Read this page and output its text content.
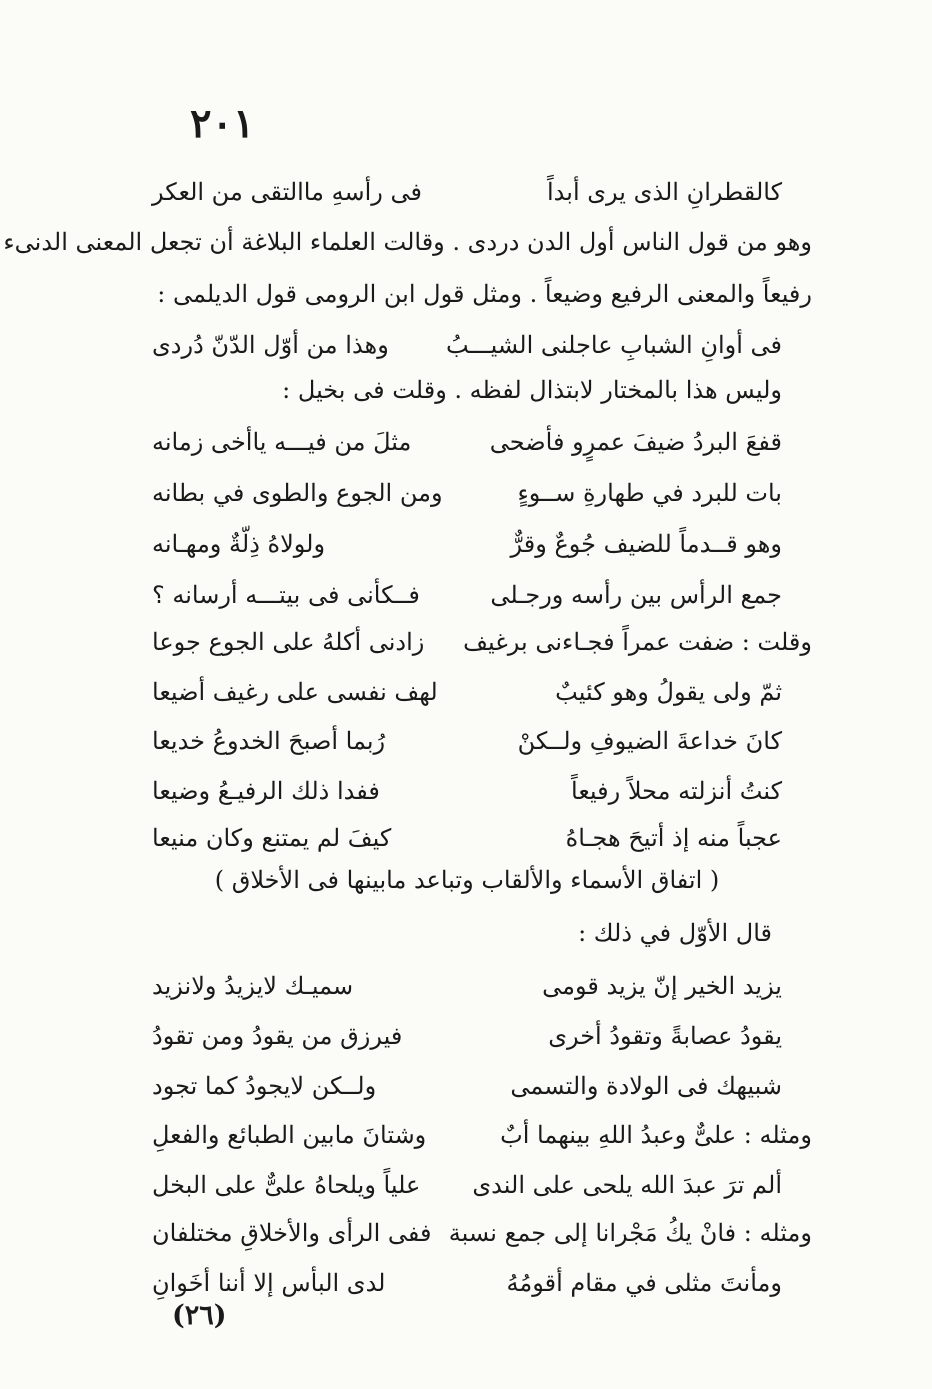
٢٠١
كالقطرانِ الذى يرى أبداً
فى رأسهِ ماالتقى من العكر
وهو من قول الناس أول الدن دردى . وقالت العلماء البلاغة أن تجعل المعنى الدنىء
رفيعاً والمعنى الرفيع وضيعاً . ومثل قول ابن الرومى قول الديلمى :
فى أوانِ الشبابِ عاجلنى الشيـــبُ
وهذا من أوّل الدّنّ دُردى
وليس هذا بالمختار لابتذال لفظه . وقلت فى بخيل :
قفعَ البردُ ضيفَ عمرٍو فأضحى
مثلَ من فيـــه ياأخى زمانه
بات للبرد في طهارةِ ســوءٍ
ومن الجوع والطوى في بطانه
وهو قــدماً للضيف جُوعٌ وقرٌّ
ولولاهُ ذِلّةٌ ومهـانه
جمع الرأس بين رأسه ورجـلى
فــكأنى فى بيتـــه أرسانه ؟
وقلت : ضفت عمراً فجـاءنى برغيف
زادنى أكلهُ على الجوع جوعا
ثمّ ولى يقولُ وهو كئيبٌ
لهف نفسى على رغيف أضيعا
كانَ خداعةَ الضيوفِ ولــكنْ
رُبما أصبحَ الخدوعُ خديعا
كنتُ أنزلته محلاً رفيعاً
ففدا ذلك الرفيـعُ وضيعا
عجباً منه إذ أتيحَ هجـاهُ
كيفَ لم يمتنع وكان منيعا
( اتفاق الأسماء والألقاب وتباعد مابينها فى الأخلاق )
قال الأوّل في ذلك :
يزيد الخير إنّ يزيد قومى
سميـك لايزيدُ ولانزيد
يقودُ عصابةً وتقودُ أخرى
فيرزق من يقودُ ومن تقودُ
شبيهك فى الولادة والتسمى
ولــكن لايجودُ كما تجود
ومثله : علىٌّ وعبدُ اللهِ بينهما أبٌ
وشتانَ مابين الطبائع والفعلِ
ألم ترَ عبدَ الله يلحى على الندى
علياً ويلحاهُ علىٌّ على البخل
ومثله : فانْ يكُ مَجْرانا إلى جمع نسبة
ففى الرأى والأخلاقِ مختلفان
ومأنتَ مثلى في مقام أقومُهُ
لدى البأس إلا أننا أخَوانِ
(٢٦)
